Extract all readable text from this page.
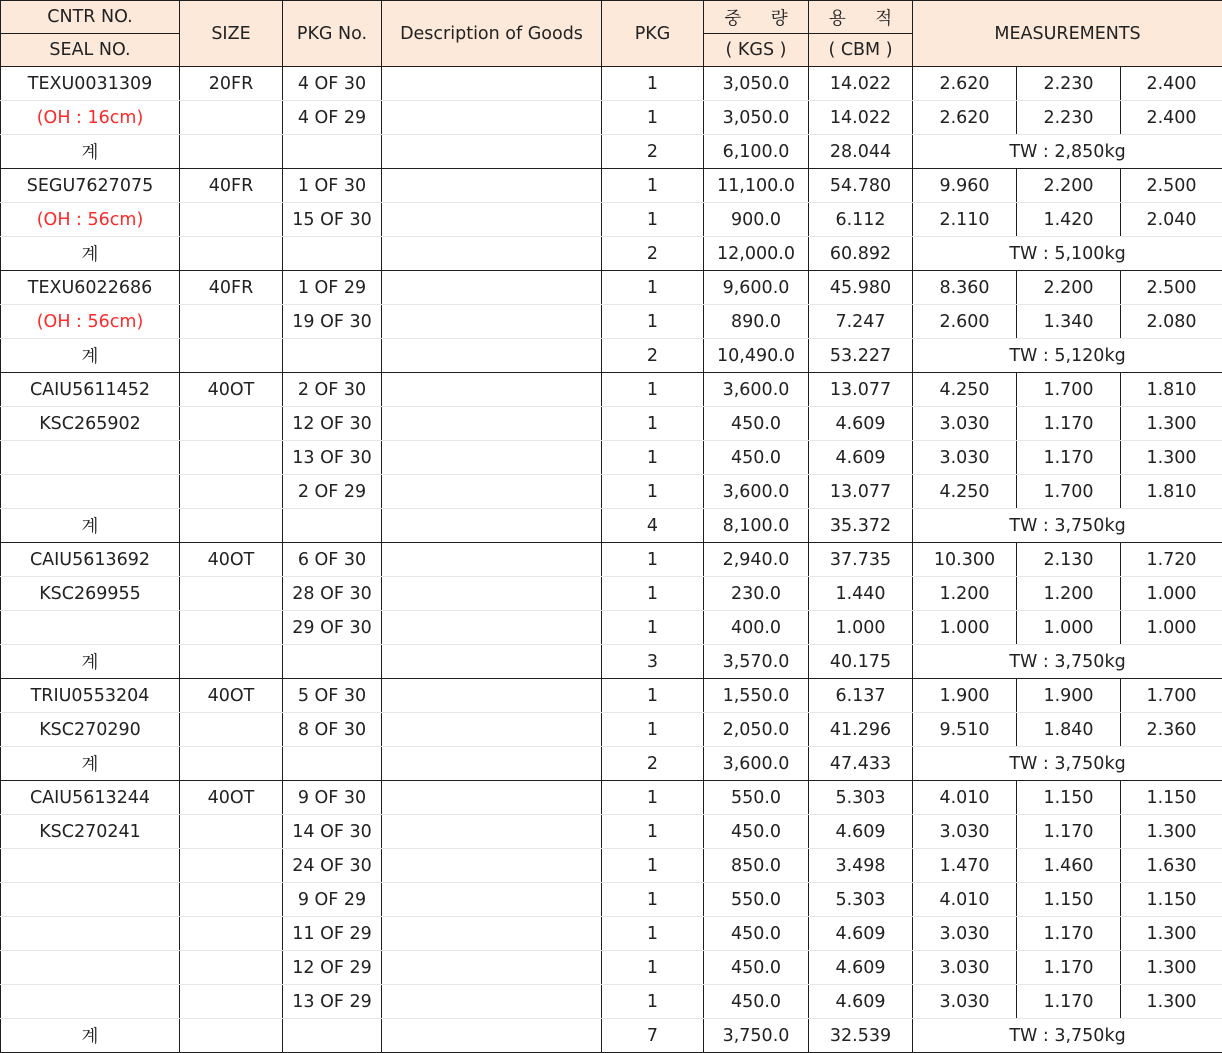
CNTR NO.	SIZE	PKG No.	Description of Goods	PKG	중 량	용 적	MEASUREMENTS		
SEAL NO.					( KGS )	( CBM )			
TEXU0031309	20FR	4 OF 30		1	3,050.0	14.022	2.620	2.230	2.400
(OH : 16cm)		4 OF 29		1	3,050.0	14.022	2.620	2.230	2.400
계				2	6,100.0	28.044	TW : 2,850kg		
SEGU7627075	40FR	1 OF 30		1	11,100.0	54.780	9.960	2.200	2.500
(OH : 56cm)		15 OF 30		1	900.0	6.112	2.110	1.420	2.040
계				2	12,000.0	60.892	TW : 5,100kg		
TEXU6022686	40FR	1 OF 29		1	9,600.0	45.980	8.360	2.200	2.500
(OH : 56cm)		19 OF 30		1	890.0	7.247	2.600	1.340	2.080
계				2	10,490.0	53.227	TW : 5,120kg		
CAIU5611452	40OT	2 OF 30		1	3,600.0	13.077	4.250	1.700	1.810
KSC265902		12 OF 30		1	450.0	4.609	3.030	1.170	1.300
		13 OF 30		1	450.0	4.609	3.030	1.170	1.300
		2 OF 29		1	3,600.0	13.077	4.250	1.700	1.810
계				4	8,100.0	35.372	TW : 3,750kg		
CAIU5613692	40OT	6 OF 30		1	2,940.0	37.735	10.300	2.130	1.720
KSC269955		28 OF 30		1	230.0	1.440	1.200	1.200	1.000
		29 OF 30		1	400.0	1.000	1.000	1.000	1.000
계				3	3,570.0	40.175	TW : 3,750kg		
TRIU0553204	40OT	5 OF 30		1	1,550.0	6.137	1.900	1.900	1.700
KSC270290		8 OF 30		1	2,050.0	41.296	9.510	1.840	2.360
계				2	3,600.0	47.433	TW : 3,750kg		
CAIU5613244	40OT	9 OF 30		1	550.0	5.303	4.010	1.150	1.150
KSC270241		14 OF 30		1	450.0	4.609	3.030	1.170	1.300
		24 OF 30		1	850.0	3.498	1.470	1.460	1.630
		9 OF 29		1	550.0	5.303	4.010	1.150	1.150
		11 OF 29		1	450.0	4.609	3.030	1.170	1.300
		12 OF 29		1	450.0	4.609	3.030	1.170	1.300
		13 OF 29		1	450.0	4.609	3.030	1.170	1.300
계				7	3,750.0	32.539	TW : 3,750kg		
